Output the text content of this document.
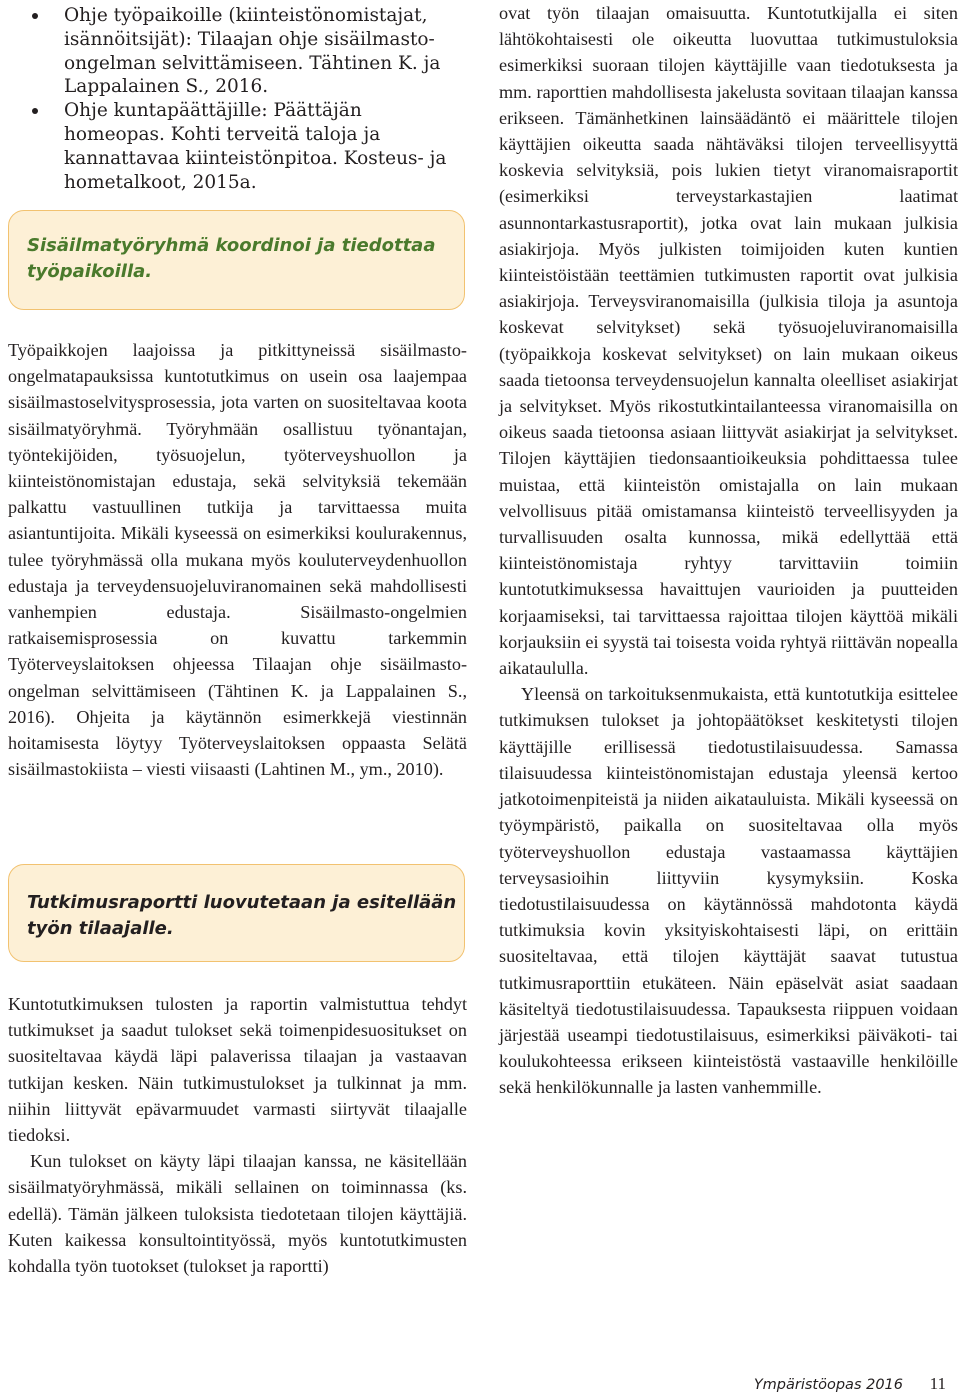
Ohje työpaikoille (kiinteistönomistajat, isännöitsijät): Tilaajan ohje sisäilmasto-ongelman selvittämiseen. Tähtinen K. ja Lappalainen S., 2016.
Ohje kuntapäättäjille: Päättäjän homeopas. Kohti terveitä taloja ja kannattavaa kiinteistönpitoa. Kosteus- ja hometalkoot, 2015a.

Sisäilmatyöryhmä koordinoi ja tiedottaa työpaikoilla.

Työpaikkojen laajoissa ja pitkittyneissä sisäilmasto-ongelmatapauksissa kuntotutkimus on usein osa laajempaa sisäilmastoselvitysprosessia, jota varten on suositeltavaa koota sisäilmatyöryhmä. Työryhmään osallistuu työnantajan, työntekijöiden, työsuojelun, työterveyshuollon ja kiinteistönomistajan edustaja, sekä selvityksiä tekemään palkattu vastuullinen tutkija ja tarvittaessa muita asiantuntijoita. Mikäli kyseessä on esimerkiksi koulurakennus, tulee työryhmässä olla mukana myös kouluterveydenhuollon edustaja ja terveydensuojeluviranomainen sekä mahdollisesti vanhempien edustaja. Sisäilmasto-ongelmien ratkaisemisprosessia on kuvattu tarkemmin Työterveyslaitoksen ohjeessa Tilaajan ohje sisäilmasto-ongelman selvittämiseen (Tähtinen K. ja Lappalainen S., 2016). Ohjeita ja käytännön esimerkkejä viestinnän hoitamisesta löytyy Työterveyslaitoksen oppaasta Selätä sisäilmastokiista – viesti viisaasti (Lahtinen M., ym., 2010).

Tutkimusraportti luovutetaan ja esitellään työn tilaajalle.

Kuntotutkimuksen tulosten ja raportin valmistuttua tehdyt tutkimukset ja saadut tulokset sekä toimenpidesuositukset on suositeltavaa käydä läpi palaverissa tilaajan ja vastaavan tutkijan kesken. Näin tutkimustulokset ja tulkinnat ja mm. niihin liittyvät epävarmuudet varmasti siirtyvät tilaajalle tiedoksi.

Kun tulokset on käyty läpi tilaajan kanssa, ne käsitellään sisäilmatyöryhmässä, mikäli sellainen on toiminnassa (ks. edellä). Tämän jälkeen tuloksista tiedotetaan tilojen käyttäjiä. Kuten kaikessa konsultointityössä, myös kuntotutkimusten kohdalla työn tuotokset (tulokset ja raportti)

ovat työn tilaajan omaisuutta. Kuntotutkijalla ei siten lähtökohtaisesti ole oikeutta luovuttaa tutkimustuloksia esimerkiksi suoraan tilojen käyttäjille vaan tiedotuksesta ja mm. raporttien mahdollisesta jakelusta sovitaan tilaajan kanssa erikseen. Tämänhetkinen lainsäädäntö ei määrittele tilojen käyttäjien oikeutta saada nähtäväksi tilojen terveellisyyttä koskevia selvityksiä, pois lukien tietyt viranomaisraportit (esimerkiksi terveystarkastajien laatimat asunnontarkastusraportit), jotka ovat lain mukaan julkisia asiakirjoja. Myös julkisten toimijoiden kuten kuntien kiinteistöistään teettämien tutkimusten raportit ovat julkisia asiakirjoja. Terveysviranomaisilla (julkisia tiloja ja asuntoja koskevat selvitykset) sekä työsuojeluviranomaisilla (työpaikkoja koskevat selvitykset) on lain mukaan oikeus saada tietoonsa terveydensuojelun kannalta oleelliset asiakirjat ja selvitykset. Myös rikostutkintailanteessa viranomaisilla on oikeus saada tietoonsa asiaan liittyvät asiakirjat ja selvitykset. Tilojen käyttäjien tiedonsaantioikeuksia pohdittaessa tulee muistaa, että kiinteistön omistajalla on lain mukaan velvollisuus pitää omistamansa kiinteistö terveellisyyden ja turvallisuuden osalta kunnossa, mikä edellyttää että kiinteistönomistaja ryhtyy tarvittaviin toimiin kuntotutkimuksessa havaittujen vaurioiden ja puutteiden korjaamiseksi, tai tarvittaessa rajoittaa tilojen käyttöä mikäli korjauksiin ei syystä tai toisesta voida ryhtyä riittävän nopealla aikataululla.

Yleensä on tarkoituksenmukaista, että kuntotutkija esittelee tutkimuksen tulokset ja johtopäätökset keskitetysti tilojen käyttäjille erillisessä tiedotustilaisuudessa. Samassa tilaisuudessa kiinteistönomistajan edustaja yleensä kertoo jatkotoimenpiteistä ja niiden aikatauluista. Mikäli kyseessä on työympäristö, paikalla on suositeltavaa olla myös työterveyshuollon edustaja vastaamassa käyttäjien terveysasioihin liittyviin kysymyksiin. Koska tiedotustilaisuudessa on käytännössä mahdotonta käydä tutkimuksia kovin yksityiskohtaisesti läpi, on erittäin suositeltavaa, että tilojen käyttäjät saavat tutustua tutkimusraporttiin etukäteen. Näin epäselvät asiat saadaan käsiteltyä tiedotustilaisuudessa. Tapauksesta riippuen voidaan järjestää useampi tiedotustilaisuus, esimerkiksi päiväkoti- tai koulukohteessa erikseen kiinteistöstä vastaaville henkilöille sekä henkilökunnalle ja lasten vanhemmille.

Ympäristöopas 2016 11
